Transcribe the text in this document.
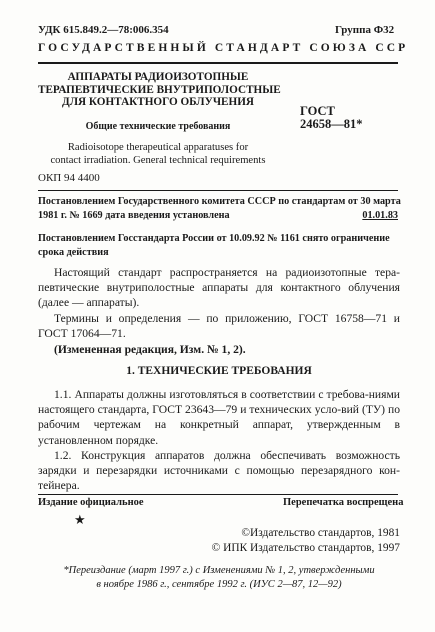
УДК 615.849.2—78:006.354	Группа Ф32
ГОСУДАРСТВЕННЫЙ СТАНДАРТ СОЮЗА ССР
АППАРАТЫ РАДИОИЗОТОПНЫЕ
ТЕРАПЕВТИЧЕСКИЕ ВНУТРИПОЛОСТНЫЕ
ДЛЯ КОНТАКТНОГО ОБЛУЧЕНИЯ
Общие технические требования
Radioisotope therapeutical apparatuses for
contact irradiation. General technical requirements
ГОСТ
24658—81*
ОКП 94 4400
Постановлением Государственного комитета СССР по стандартам от 30 марта
1981 г. № 1669 дата введения установлена	01.01.83
Постановлением Госстандарта России от 10.09.92 № 1161 снято ограничение
срока действия
Настоящий стандарт распространяется на радиоизотопные тера-певтические внутриполостные аппараты для контактного облучения (далее — аппараты).
Термины и определения — по приложению, ГОСТ 16758—71 и ГОСТ 17064—71.
(Измененная редакция, Изм. № 1, 2).
1. ТЕХНИЧЕСКИЕ ТРЕБОВАНИЯ
1.1. Аппараты должны изготовляться в соответствии с требова-ниями настоящего стандарта, ГОСТ 23643—79 и технических усло-вий (ТУ) по рабочим чертежам на конкретный аппарат, утвержденным в установленном порядке.
1.2. Конструкция аппаратов должна обеспечивать возможность зарядки и перезарядки источниками с помощью перезарядного кон-тейнера.
Издание официальное	Перепечатка воспрещена
★
©Издательство стандартов, 1981
© ИПК Издательство стандартов, 1997
*Переиздание (март 1997 г.) с Изменениями № 1, 2, утвержденными
в ноябре 1986 г., сентябре 1992 г. (ИУС 2—87, 12—92)
